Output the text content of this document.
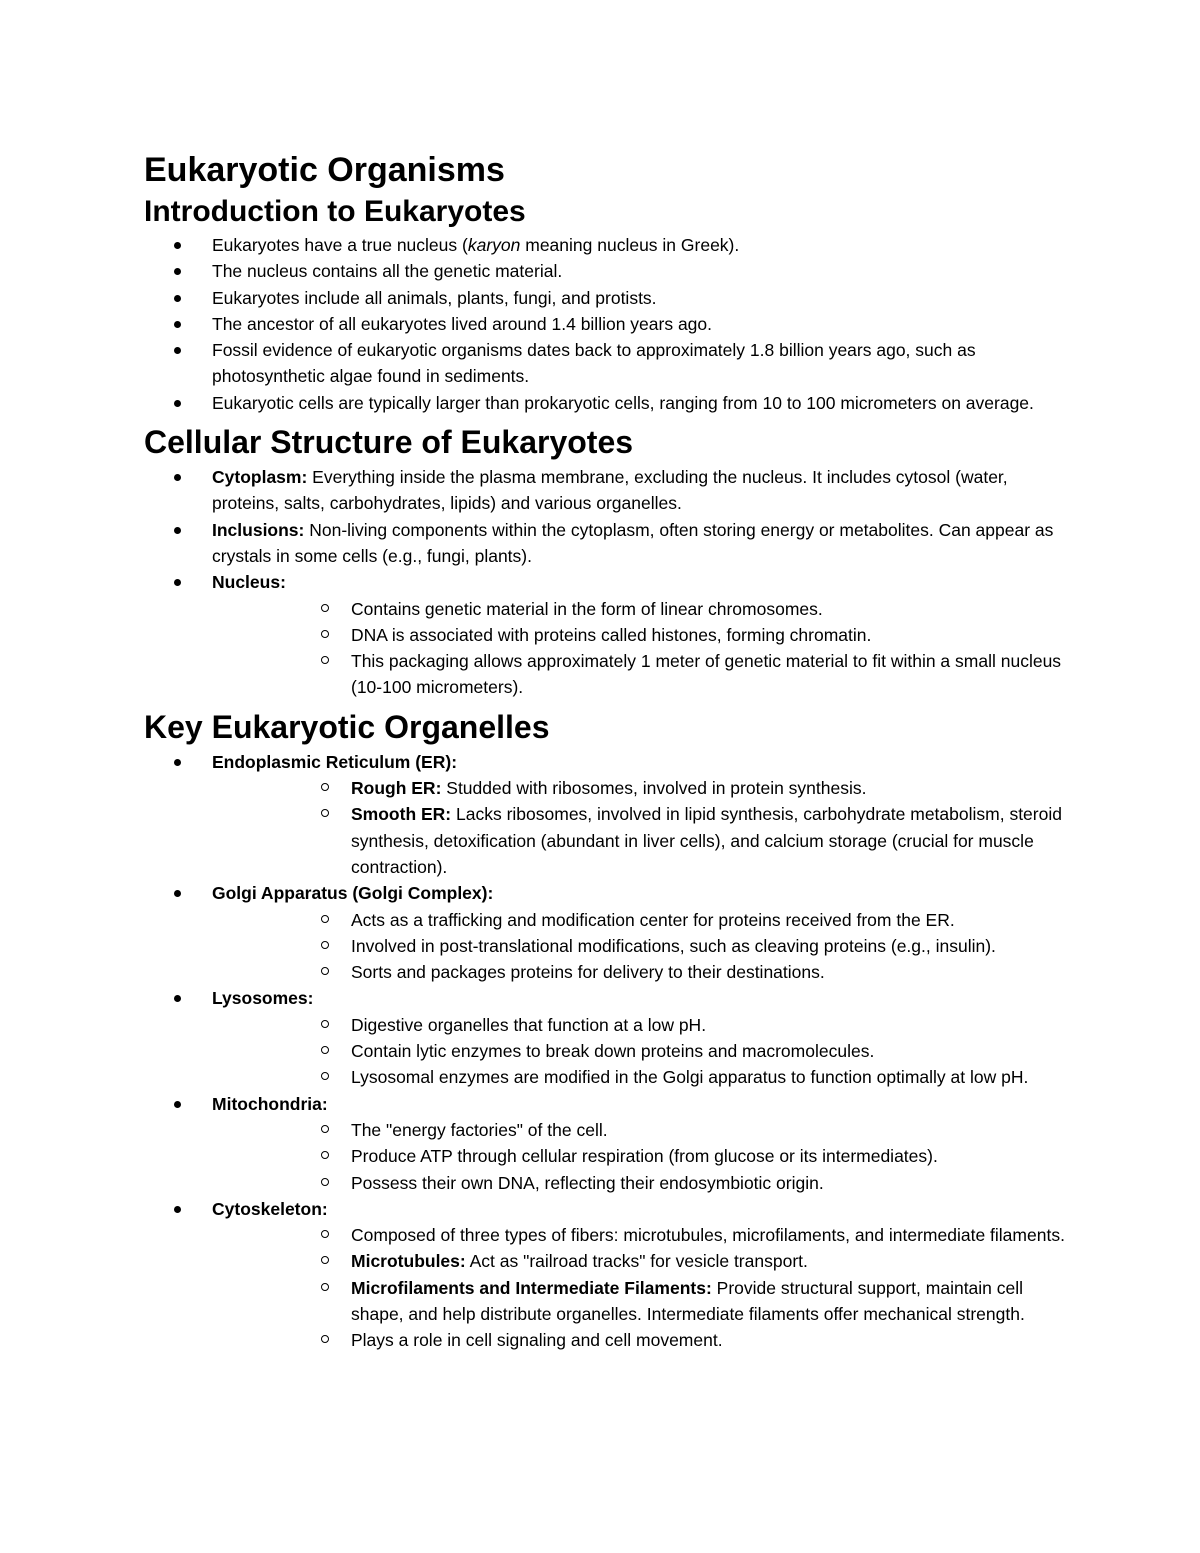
Eukaryotic Organisms
Introduction to Eukaryotes
Eukaryotes have a true nucleus (karyon meaning nucleus in Greek).
The nucleus contains all the genetic material.
Eukaryotes include all animals, plants, fungi, and protists.
The ancestor of all eukaryotes lived around 1.4 billion years ago.
Fossil evidence of eukaryotic organisms dates back to approximately 1.8 billion years ago, such as photosynthetic algae found in sediments.
Eukaryotic cells are typically larger than prokaryotic cells, ranging from 10 to 100 micrometers on average.
Cellular Structure of Eukaryotes
Cytoplasm: Everything inside the plasma membrane, excluding the nucleus. It includes cytosol (water, proteins, salts, carbohydrates, lipids) and various organelles.
Inclusions: Non-living components within the cytoplasm, often storing energy or metabolites. Can appear as crystals in some cells (e.g., fungi, plants).
Nucleus:
Contains genetic material in the form of linear chromosomes.
DNA is associated with proteins called histones, forming chromatin.
This packaging allows approximately 1 meter of genetic material to fit within a small nucleus (10-100 micrometers).
Key Eukaryotic Organelles
Endoplasmic Reticulum (ER):
Rough ER: Studded with ribosomes, involved in protein synthesis.
Smooth ER: Lacks ribosomes, involved in lipid synthesis, carbohydrate metabolism, steroid synthesis, detoxification (abundant in liver cells), and calcium storage (crucial for muscle contraction).
Golgi Apparatus (Golgi Complex):
Acts as a trafficking and modification center for proteins received from the ER.
Involved in post-translational modifications, such as cleaving proteins (e.g., insulin).
Sorts and packages proteins for delivery to their destinations.
Lysosomes:
Digestive organelles that function at a low pH.
Contain lytic enzymes to break down proteins and macromolecules.
Lysosomal enzymes are modified in the Golgi apparatus to function optimally at low pH.
Mitochondria:
The "energy factories" of the cell.
Produce ATP through cellular respiration (from glucose or its intermediates).
Possess their own DNA, reflecting their endosymbiotic origin.
Cytoskeleton:
Composed of three types of fibers: microtubules, microfilaments, and intermediate filaments.
Microtubules: Act as "railroad tracks" for vesicle transport.
Microfilaments and Intermediate Filaments: Provide structural support, maintain cell shape, and help distribute organelles. Intermediate filaments offer mechanical strength.
Plays a role in cell signaling and cell movement.
